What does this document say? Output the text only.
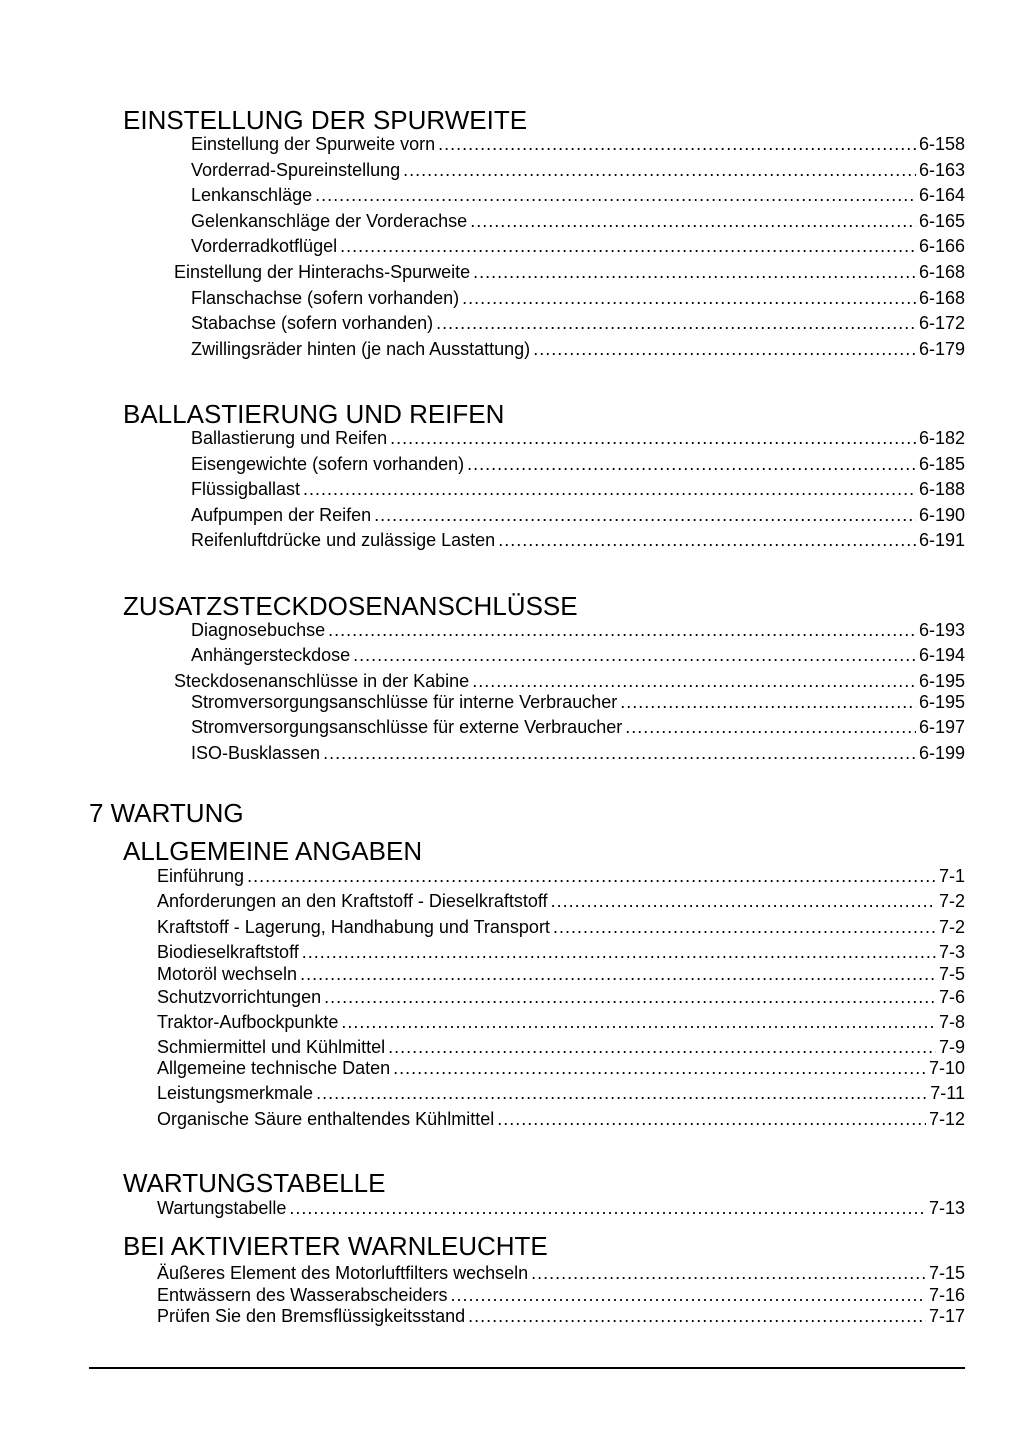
EINSTELLUNG DER SPURWEITE
Einstellung der Spurweite vorn .....	6-158
Vorderrad-Spureinstellung .....	6-163
Lenkanschläge .....	6-164
Gelenkanschläge der Vorderachse .....	6-165
Vorderradkotflügel .....	6-166
Einstellung der Hinterachs-Spurweite .....	6-168
Flanschachse (sofern vorhanden) .....	6-168
Stabachse (sofern vorhanden) .....	6-172
Zwillingsräder hinten (je nach Ausstattung) .....	6-179
BALLASTIERUNG UND REIFEN
Ballastierung und Reifen .....	6-182
Eisengewichte (sofern vorhanden) .....	6-185
Flüssigballast .....	6-188
Aufpumpen der Reifen .....	6-190
Reifenluftdrücke und zulässige Lasten .....	6-191
ZUSATZSTECKDOSENANSCHLÜSSE
Diagnosebuchse .....	6-193
Anhängersteckdose .....	6-194
Steckdosenanschlüsse in der Kabine .....	6-195
Stromversorgungsanschlüsse für interne Verbraucher .....	6-195
Stromversorgungsanschlüsse für externe Verbraucher .....	6-197
ISO-Busklassen .....	6-199
7 WARTUNG
ALLGEMEINE ANGABEN
Einführung .....	7-1
Anforderungen an den Kraftstoff - Dieselkraftstoff .....	7-2
Kraftstoff - Lagerung, Handhabung und Transport .....	7-2
Biodieselkraftstoff .....	7-3
Motoröl wechseln .....	7-5
Schutzvorrichtungen .....	7-6
Traktor-Aufbockpunkte .....	7-8
Schmiermittel und Kühlmittel .....	7-9
Allgemeine technische Daten .....	7-10
Leistungsmerkmale .....	7-11
Organische Säure enthaltendes Kühlmittel .....	7-12
WARTUNGSTABELLE
Wartungstabelle .....	7-13
BEI AKTIVIERTER WARNLEUCHTE
Äußeres Element des Motorluftfilters wechseln .....	7-15
Entwässern des Wasserabscheiders .....	7-16
Prüfen Sie den Bremsflüssigkeitsstand .....	7-17
